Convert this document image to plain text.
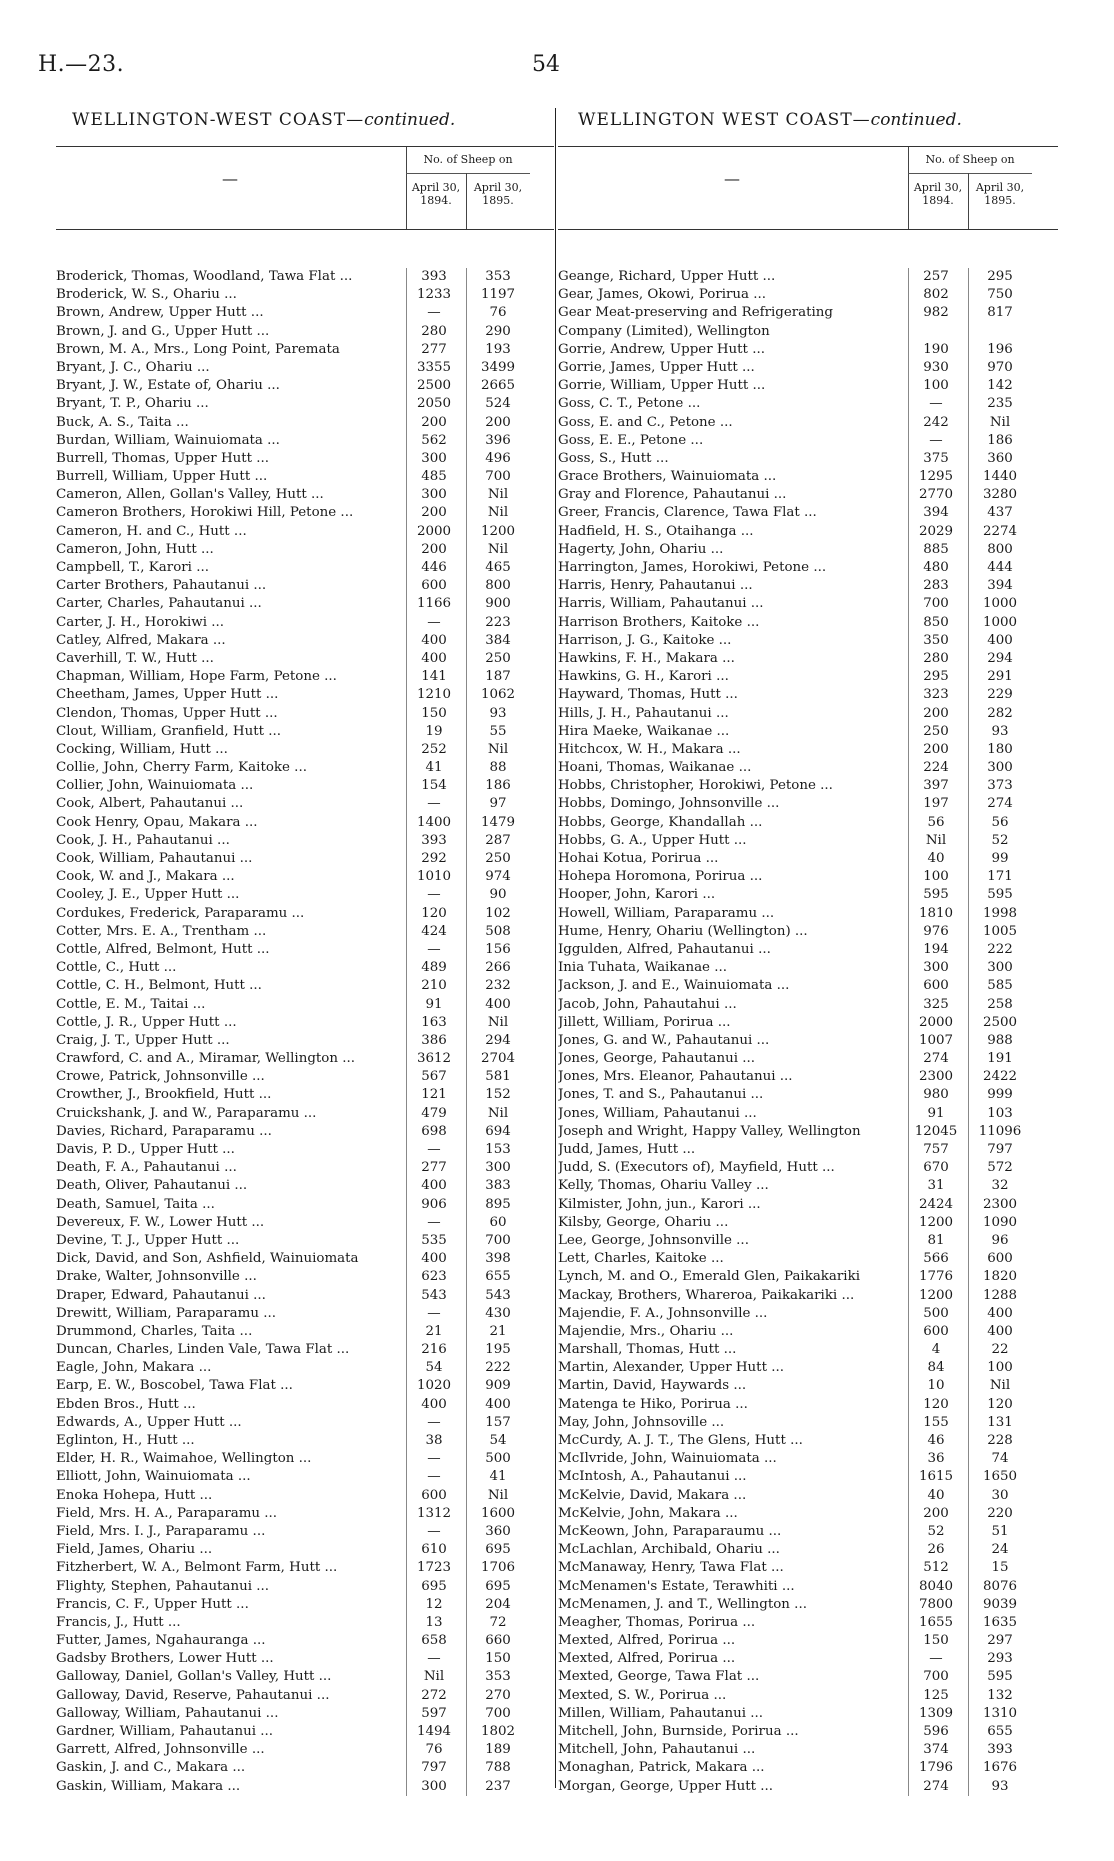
H.—23.	54
WELLINGTON-WEST COAST—continued.
—
No. of Sheep on
April 30, 1894.
April 30, 1895.
Broderick, Thomas, Woodland, Tawa Flat ...	393	353
Broderick, W. S., Ohariu ...	1233	1197
Brown, Andrew, Upper Hutt ...	—	76
Brown, J. and G., Upper Hutt ...	280	290
Brown, M. A., Mrs., Long Point, Paremata	277	193
Bryant, J. C., Ohariu ...	3355	3499
Bryant, J. W., Estate of, Ohariu ...	2500	2665
Bryant, T. P., Ohariu ...	2050	524
Buck, A. S., Taita ...	200	200
Burdan, William, Wainuiomata ...	562	396
Burrell, Thomas, Upper Hutt ...	300	496
Burrell, William, Upper Hutt ...	485	700
Cameron, Allen, Gollan's Valley, Hutt ...	300	Nil
Cameron Brothers, Horokiwi Hill, Petone ...	200	Nil
Cameron, H. and C., Hutt ...	2000	1200
Cameron, John, Hutt ...	200	Nil
Campbell, T., Karori ...	446	465
Carter Brothers, Pahautanui ...	600	800
Carter, Charles, Pahautanui ...	1166	900
Carter, J. H., Horokiwi ...	—	223
Catley, Alfred, Makara ...	400	384
Caverhill, T. W., Hutt ...	400	250
Chapman, William, Hope Farm, Petone ...	141	187
Cheetham, James, Upper Hutt ...	1210	1062
Clendon, Thomas, Upper Hutt ...	150	93
Clout, William, Granfield, Hutt ...	19	55
Cocking, William, Hutt ...	252	Nil
Collie, John, Cherry Farm, Kaitoke ...	41	88
Collier, John, Wainuiomata ...	154	186
Cook, Albert, Pahautanui ...	—	97
Cook Henry, Opau, Makara ...	1400	1479
Cook, J. H., Pahautanui ...	393	287
Cook, William, Pahautanui ...	292	250
Cook, W. and J., Makara ...	1010	974
Cooley, J. E., Upper Hutt ...	—	90
Cordukes, Frederick, Paraparamu ...	120	102
Cotter, Mrs. E. A., Trentham ...	424	508
Cottle, Alfred, Belmont, Hutt ...	—	156
Cottle, C., Hutt ...	489	266
Cottle, C. H., Belmont, Hutt ...	210	232
Cottle, E. M., Taitai ...	91	400
Cottle, J. R., Upper Hutt ...	163	Nil
Craig, J. T., Upper Hutt ...	386	294
Crawford, C. and A., Miramar, Wellington ...	3612	2704
Crowe, Patrick, Johnsonville ...	567	581
Crowther, J., Brookfield, Hutt ...	121	152
Cruickshank, J. and W., Paraparamu ...	479	Nil
Davies, Richard, Paraparamu ...	698	694
Davis, P. D., Upper Hutt ...	—	153
Death, F. A., Pahautanui ...	277	300
Death, Oliver, Pahautanui ...	400	383
Death, Samuel, Taita ...	906	895
Devereux, F. W., Lower Hutt ...	—	60
Devine, T. J., Upper Hutt ...	535	700
Dick, David, and Son, Ashfield, Wainuiomata	400	398
Drake, Walter, Johnsonville ...	623	655
Draper, Edward, Pahautanui ...	543	543
Drewitt, William, Paraparamu ...	—	430
Drummond, Charles, Taita ...	21	21
Duncan, Charles, Linden Vale, Tawa Flat ...	216	195
Eagle, John, Makara ...	54	222
Earp, E. W., Boscobel, Tawa Flat ...	1020	909
Ebden Bros., Hutt ...	400	400
Edwards, A., Upper Hutt ...	—	157
Eglinton, H., Hutt ...	38	54
Elder, H. R., Waimahoe, Wellington ...	—	500
Elliott, John, Wainuiomata ...	—	41
Enoka Hohepa, Hutt ...	600	Nil
Field, Mrs. H. A., Paraparamu ...	1312	1600
Field, Mrs. I. J., Paraparamu ...	—	360
Field, James, Ohariu ...	610	695
Fitzherbert, W. A., Belmont Farm, Hutt ...	1723	1706
Flighty, Stephen, Pahautanui ...	695	695
Francis, C. F., Upper Hutt ...	12	204
Francis, J., Hutt ...	13	72
Futter, James, Ngahauranga ...	658	660
Gadsby Brothers, Lower Hutt ...	—	150
Galloway, Daniel, Gollan's Valley, Hutt ...	Nil	353
Galloway, David, Reserve, Pahautanui ...	272	270
Galloway, William, Pahautanui ...	597	700
Gardner, William, Pahautanui ...	1494	1802
Garrett, Alfred, Johnsonville ...	76	189
Gaskin, J. and C., Makara ...	797	788
Gaskin, William, Makara ...	300	237
WELLINGTON WEST COAST—continued.
—
No. of Sheep on
April 30, 1894.
April 30, 1895.
Geange, Richard, Upper Hutt ...	257	295
Gear, James, Okowi, Porirua ...	802	750
Gear Meat-preserving and Refrigerating	982	817
Company (Limited), Wellington
Gorrie, Andrew, Upper Hutt ...	190	196
Gorrie, James, Upper Hutt ...	930	970
Gorrie, William, Upper Hutt ...	100	142
Goss, C. T., Petone ...	—	235
Goss, E. and C., Petone ...	242	Nil
Goss, E. E., Petone ...	—	186
Goss, S., Hutt ...	375	360
Grace Brothers, Wainuiomata ...	1295	1440
Gray and Florence, Pahautanui ...	2770	3280
Greer, Francis, Clarence, Tawa Flat ...	394	437
Hadfield, H. S., Otaihanga ...	2029	2274
Hagerty, John, Ohariu ...	885	800
Harrington, James, Horokiwi, Petone ...	480	444
Harris, Henry, Pahautanui ...	283	394
Harris, William, Pahautanui ...	700	1000
Harrison Brothers, Kaitoke ...	850	1000
Harrison, J. G., Kaitoke ...	350	400
Hawkins, F. H., Makara ...	280	294
Hawkins, G. H., Karori ...	295	291
Hayward, Thomas, Hutt ...	323	229
Hills, J. H., Pahautanui ...	200	282
Hira Maeke, Waikanae ...	250	93
Hitchcox, W. H., Makara ...	200	180
Hoani, Thomas, Waikanae ...	224	300
Hobbs, Christopher, Horokiwi, Petone ...	397	373
Hobbs, Domingo, Johnsonville ...	197	274
Hobbs, George, Khandallah ...	56	56
Hobbs, G. A., Upper Hutt ...	Nil	52
Hohai Kotua, Porirua ...	40	99
Hohepa Horomona, Porirua ...	100	171
Hooper, John, Karori ...	595	595
Howell, William, Paraparamu ...	1810	1998
Hume, Henry, Ohariu (Wellington) ...	976	1005
Iggulden, Alfred, Pahautanui ...	194	222
Inia Tuhata, Waikanae ...	300	300
Jackson, J. and E., Wainuiomata ...	600	585
Jacob, John, Pahautahui ...	325	258
Jillett, William, Porirua ...	2000	2500
Jones, G. and W., Pahautanui ...	1007	988
Jones, George, Pahautanui ...	274	191
Jones, Mrs. Eleanor, Pahautanui ...	2300	2422
Jones, T. and S., Pahautanui ...	980	999
Jones, William, Pahautanui ...	91	103
Joseph and Wright, Happy Valley, Wellington	12045	11096
Judd, James, Hutt ...	757	797
Judd, S. (Executors of), Mayfield, Hutt ...	670	572
Kelly, Thomas, Ohariu Valley ...	31	32
Kilmister, John, jun., Karori ...	2424	2300
Kilsby, George, Ohariu ...	1200	1090
Lee, George, Johnsonville ...	81	96
Lett, Charles, Kaitoke ...	566	600
Lynch, M. and O., Emerald Glen, Paikakariki	1776	1820
Mackay, Brothers, Wharerоa, Paikakariki ...	1200	1288
Majendie, F. A., Johnsonville ...	500	400
Majendie, Mrs., Ohariu ...	600	400
Marshall, Thomas, Hutt ...	4	22
Martin, Alexander, Upper Hutt ...	84	100
Martin, David, Haywards ...	10	Nil
Matenga te Hiko, Porirua ...	120	120
May, John, Johnsoville ...	155	131
McCurdy, A. J. T., The Glens, Hutt ...	46	228
McIlvride, John, Wainuiomata ...	36	74
McIntosh, A., Pahautanui ...	1615	1650
McKelvie, David, Makara ...	40	30
McKelvie, John, Makara ...	200	220
McKeown, John, Paraparaumu ...	52	51
McLachlan, Archibald, Ohariu ...	26	24
McManaway, Henry, Tawa Flat ...	512	15
McMenamen's Estate, Terawhiti ...	8040	8076
McMenamen, J. and T., Wellington ...	7800	9039
Meagher, Thomas, Porirua ...	1655	1635
Mexted, Alfred, Porirua ...	150	297
Mexted, Alfred, Porirua ...	—	293
Mexted, George, Tawa Flat ...	700	595
Mexted, S. W., Porirua ...	125	132
Millen, William, Pahautanui ...	1309	1310
Mitchell, John, Burnside, Porirua ...	596	655
Mitchell, John, Pahautanui ...	374	393
Monaghan, Patrick, Makara ...	1796	1676
Morgan, George, Upper Hutt ...	274	93
